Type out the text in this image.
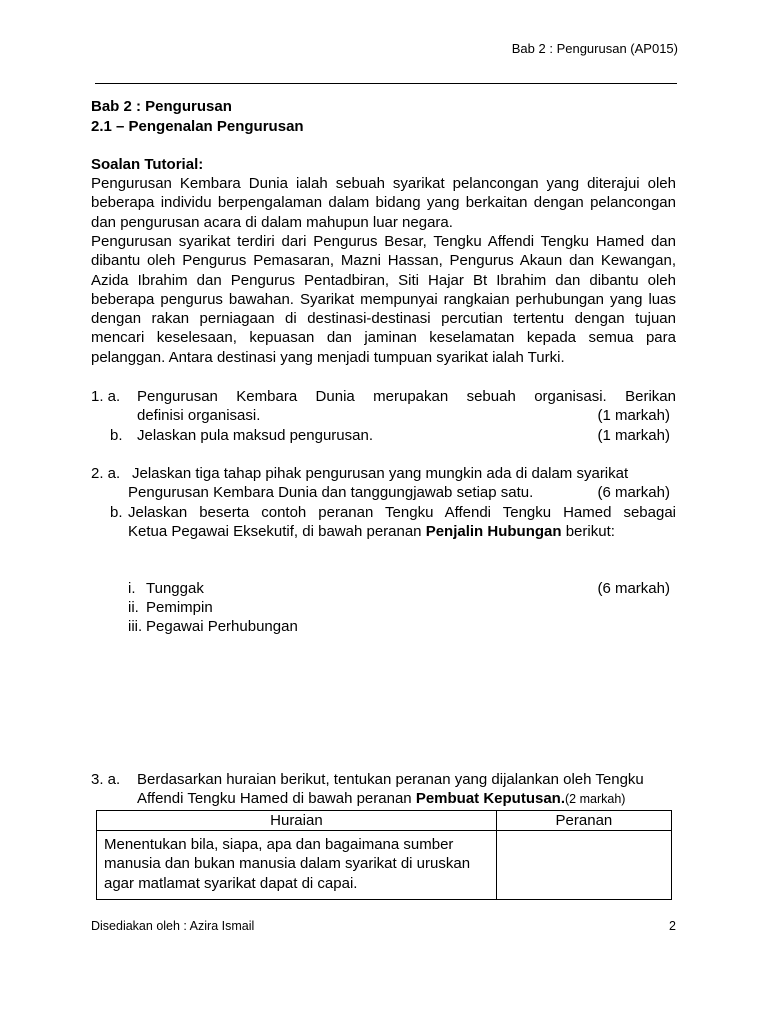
Bab 2 : Pengurusan (AP015)
Bab 2 : Pengurusan
2.1 – Pengenalan Pengurusan
Soalan Tutorial:
Pengurusan Kembara Dunia ialah sebuah syarikat pelancongan yang diterajui oleh beberapa individu berpengalaman dalam bidang yang berkaitan dengan pelancongan dan pengurusan acara di dalam mahupun luar negara.
Pengurusan syarikat terdiri dari Pengurus Besar, Tengku Affendi Tengku Hamed dan dibantu oleh Pengurus Pemasaran, Mazni Hassan, Pengurus Akaun dan Kewangan, Azida Ibrahim dan Pengurus Pentadbiran, Siti Hajar Bt Ibrahim dan dibantu oleh beberapa pengurus bawahan. Syarikat mempunyai rangkaian perhubungan yang luas dengan rakan perniagaan di destinasi-destinasi percutian tertentu dengan tujuan mencari keselesaan, kepuasan dan jaminan keselamatan kepada semua para pelanggan. Antara destinasi yang menjadi tumpuan syarikat ialah Turki.
1. a. Pengurusan Kembara Dunia merupakan sebuah organisasi. Berikan
definisi organisasi.	(1 markah)
b. Jelaskan pula maksud pengurusan.	(1 markah)
2. a. Jelaskan tiga tahap pihak pengurusan yang mungkin ada di dalam syarikat
Pengurusan Kembara Dunia dan tanggungjawab setiap satu.	(6 markah)
b. Jelaskan beserta contoh peranan Tengku Affendi Tengku Hamed sebagai
Ketua Pegawai Eksekutif, di bawah peranan Penjalin Hubungan berikut:
i. Tunggak	(6 markah)
ii. Pemimpin
iii. Pegawai Perhubungan
3. a. Berdasarkan huraian berikut, tentukan peranan yang dijalankan oleh Tengku
Affendi Tengku Hamed di bawah peranan Pembuat Keputusan.(2 markah)
Huraian	Peranan
Menentukan bila, siapa, apa dan bagaimana sumber manusia dan bukan manusia dalam syarikat di uruskan agar matlamat syarikat dapat di capai.	
Disediakan oleh : Azira Ismail	2
